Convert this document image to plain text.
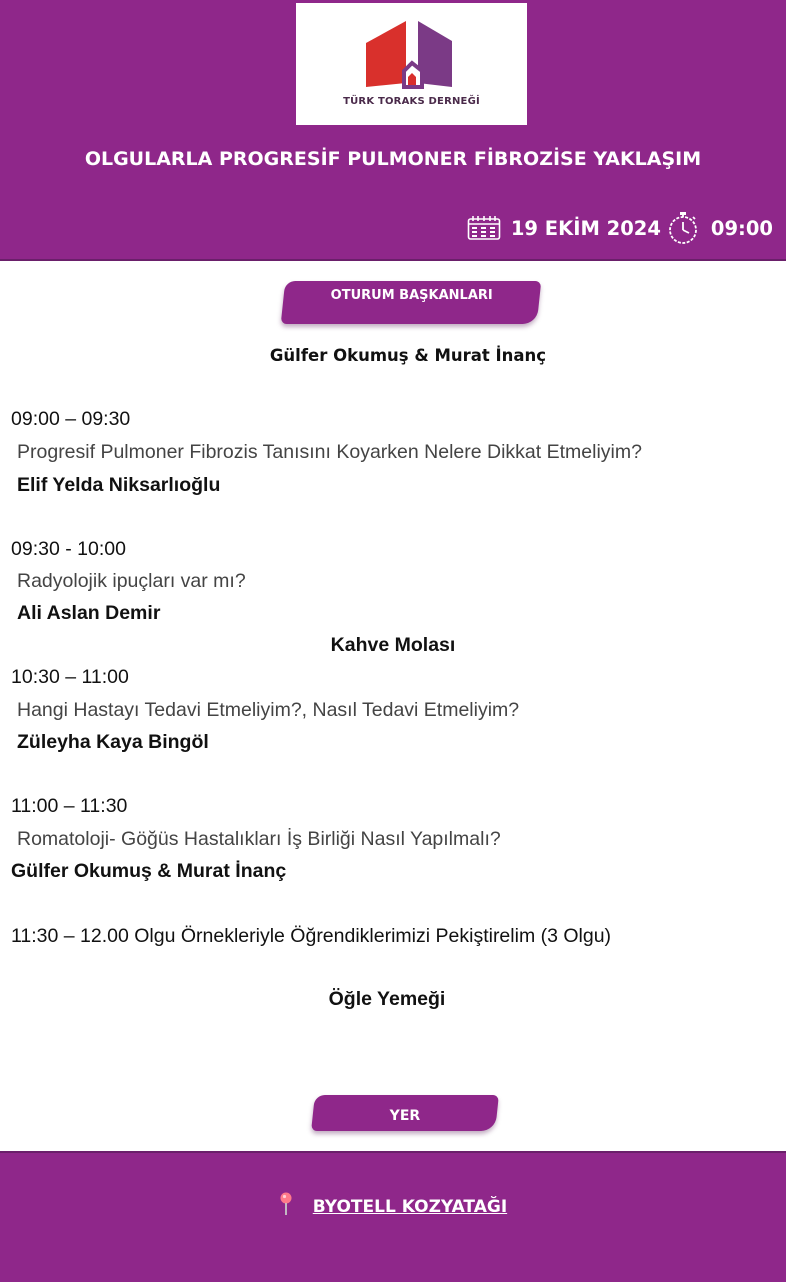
TÜRK TORAKS DERNEĞİ
OLGULARLA PROGRESİF PULMONER FİBROZİSE YAKLAŞIM
19 EKİM 2024	09:00
OTURUM BAŞKANLARI
Gülfer Okumuş & Murat İnanç
09:00 – 09:30
Progresif Pulmoner Fibrozis Tanısını Koyarken Nelere Dikkat Etmeliyim?
Elif Yelda Niksarlıoğlu
09:30 - 10:00
Radyolojik ipuçları var mı?
Ali Aslan Demir
Kahve Molası
10:30 – 11:00
Hangi Hastayı Tedavi Etmeliyim?, Nasıl Tedavi Etmeliyim?
Züleyha Kaya Bingöl
11:00 – 11:30
Romatoloji- Göğüs Hastalıkları İş Birliği Nasıl Yapılmalı?
Gülfer Okumuş & Murat İnanç
11:30 – 12.00 Olgu Örnekleriyle Öğrendiklerimizi Pekiştirelim (3 Olgu)
Öğle Yemeği
YER
BYOTELL KOZYATAĞI
